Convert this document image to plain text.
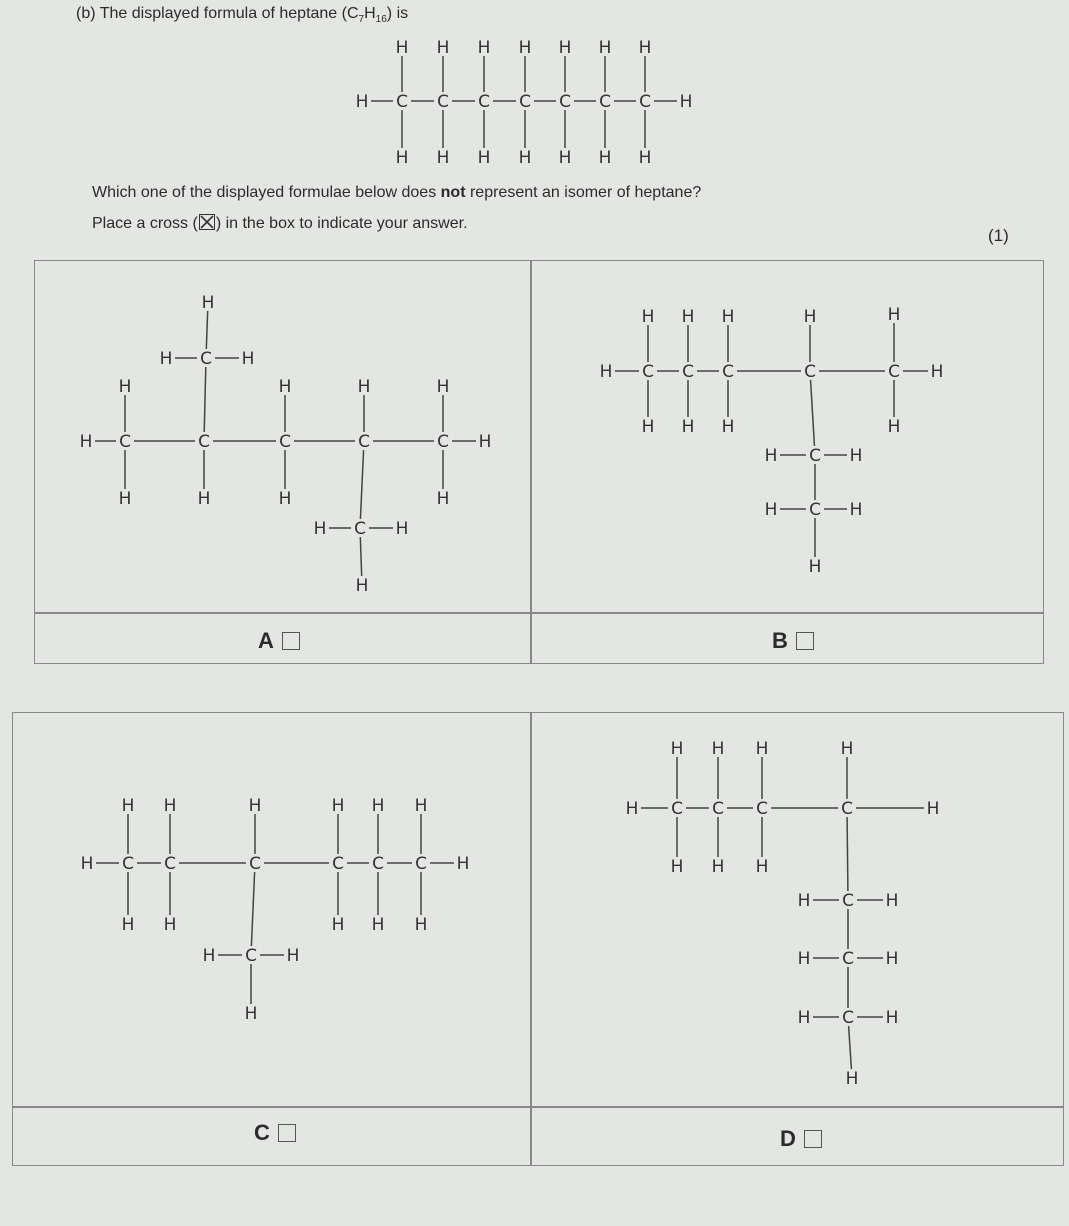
(b) The displayed formula of heptane $(C_7H_{16})$ is
H C
H
H
C
H
H
C
H
H
C
H
H
C
H
H
C
H
H
C
H
H
H
Which one of the displayed formulae below does not represent an isomer of heptane?
Place a cross (☒) in the box to indicate your answer.
(1)
H C	C	C	C	C H
H
H	H
H
H
H	H
H
C
H	H
H
C
H	H
H
H C C C	C	C H
H
H
H
H
H
H
H	H
H
C
C
H	H
H	H
H
H C C	C	C C C H
H
H
H
H
H
H
H
H
H
H
H
C
H	H
H
H C C C	C	H
H
H
H
H
H
H
H
C
C
C
H	H
H	H
H	H
H
A	B
C	D
